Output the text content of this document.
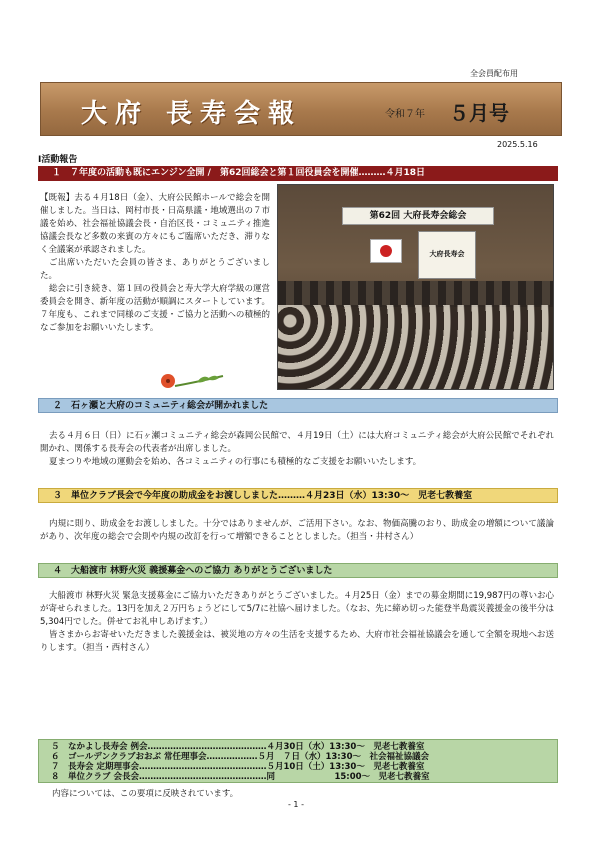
全会員配布用
大府 長寿会報	令和７年 ５月号
2025.5.16
Ⅰ活動報告
１　７年度の活動も既にエンジン全開 /　第62回総会と第１回役員会を開催………４月18日

【既報】去る４月18日（金）、大府公民館ホールで総会を開催しました。当日は、岡村市長・日高県議・地域選出の７市議を始め、社会福祉協議会長・自治区長・コミュニティ推進協議会長など多数の来賓の方々にもご臨席いただき、滞りなく全議案が承認されました。

ご出席いただいた会員の皆さま、ありがとうございました。

総会に引き続き、第１回の役員会と寿大学大府学級の運営委員会を開き、新年度の活動が順調にスタートしています。７年度も、これまで同様のご支援・ご協力と活動への積極的なご参加をお願いいたします。

第62回 大府長寿会総会
大府長寿会
２　石ヶ瀬と大府のコミュニティ総会が開かれました

去る４月６日（日）に石ヶ瀬コミュニティ総会が森岡公民館で、４月19日（土）には大府コミュニティ総会が大府公民館でそれぞれ開かれ、関係する長寿会の代表者が出席しました。

夏まつりや地域の運動会を始め、各コミュニティの行事にも積極的なご支援をお願いいたします。

３　単位クラブ長会で今年度の助成金をお渡ししました………４月23日（水）13:30～　児老七教養室

内規に則り、助成金をお渡ししました。十分ではありませんが、ご活用下さい。なお、物価高騰のおり、助成金の増額について議論があり、次年度の総会で会則や内規の改訂を行って増額できることとしました。（担当・井村さん）

４　大船渡市 林野火災 義援募金へのご協力 ありがとうございました

大船渡市 林野火災 緊急支援募金にご協力いただきありがとうございました。４月25日（金）までの募金期間に19,987円の尊いお心が寄せられました。13円を加え２万円ちょうどにして5/7に社協へ届けました。（なお、先に締め切った能登半島震災義援金の後半分は5,304円でした。併せてお礼申しあげます。）

皆さまからお寄せいただきました義援金は、被災地の方々の生活を支援するため、大府市社会福祉協議会を通して全額を現地へお送りします。（担当・西村さん）

５　なかよし長寿会 例会……………………………………４月30日（水）13:30～　児老七教養室
６　ゴールデンクラブおおぶ 常任理事会………………５月　７日（水）13:30～　社会福祉協議会
７　長寿会 定期理事会………………………………………５月10日（土）13:30～　児老七教養室
８　単位クラブ 会長会………………………………………同　　　　　　　15:00～　児老七教養室
内容については、この要項に反映されています。
- 1 -
